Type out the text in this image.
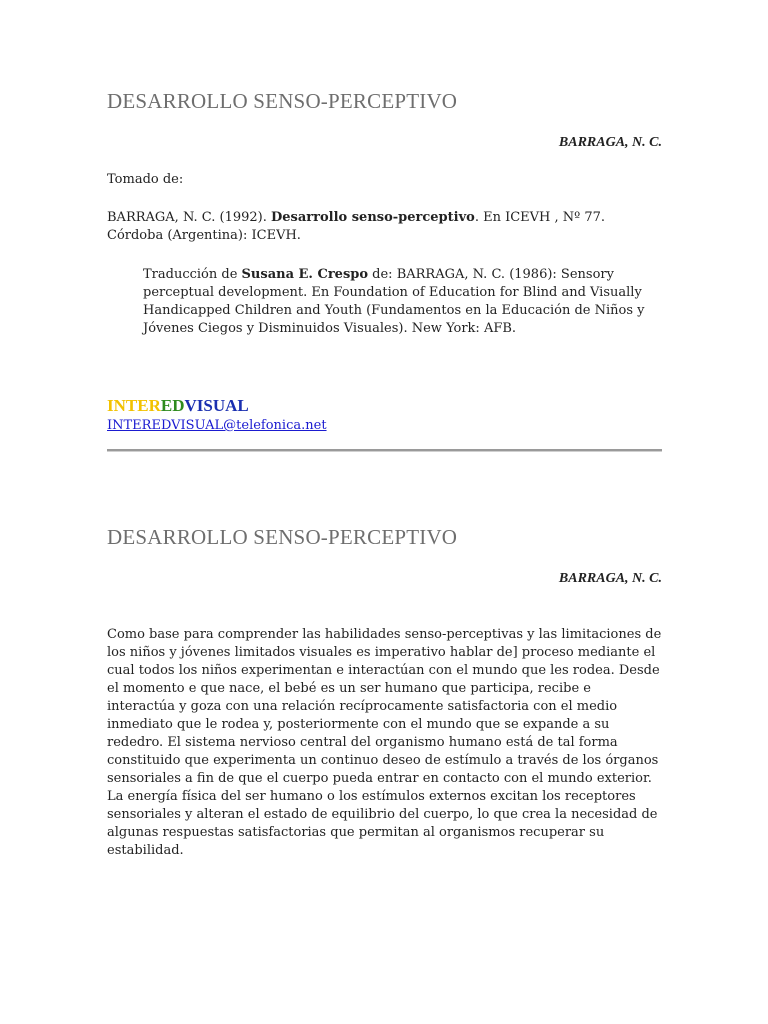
DESARROLLO SENSO-PERCEPTIVO
BARRAGA, N. C.
Tomado de:
BARRAGA, N. C. (1992). Desarrollo senso-perceptivo. En ICEVH , Nº 77. Córdoba (Argentina): ICEVH.
Traducción de Susana E. Crespo de: BARRAGA, N. C. (1986): Sensory perceptual development. En Foundation of Education for Blind and Visually Handicapped Children and Youth (Fundamentos en la Educación de Niños y Jóvenes Ciegos y Disminuidos Visuales). New York: AFB.
INTEREDVISUAL
INTEREDVISUAL@telefonica.net
DESARROLLO SENSO-PERCEPTIVO
BARRAGA, N. C.
Como base para comprender las habilidades senso-perceptivas y las limitaciones de los niños y jóvenes limitados visuales es imperativo hablar de] proceso mediante el cual todos los niños experimentan e interactúan con el mundo que les rodea. Desde el momento e que nace, el bebé es un ser humano que participa, recibe e interactúa y goza con una relación recíprocamente satisfactoria con el medio inmediato que le rodea y, posteriormente con el mundo que se expande a su rededro. El sistema nervioso central del organismo humano está de tal forma constituido que experimenta un continuo deseo de estímulo a través de los órganos sensoriales a fin de que el cuerpo pueda entrar en contacto con el mundo exterior. La energía física del ser humano o los estímulos externos excitan los receptores sensoriales y alteran el estado de equilibrio del cuerpo, lo que crea la necesidad de algunas respuestas satisfactorias que permitan al organismos recuperar su estabilidad.
